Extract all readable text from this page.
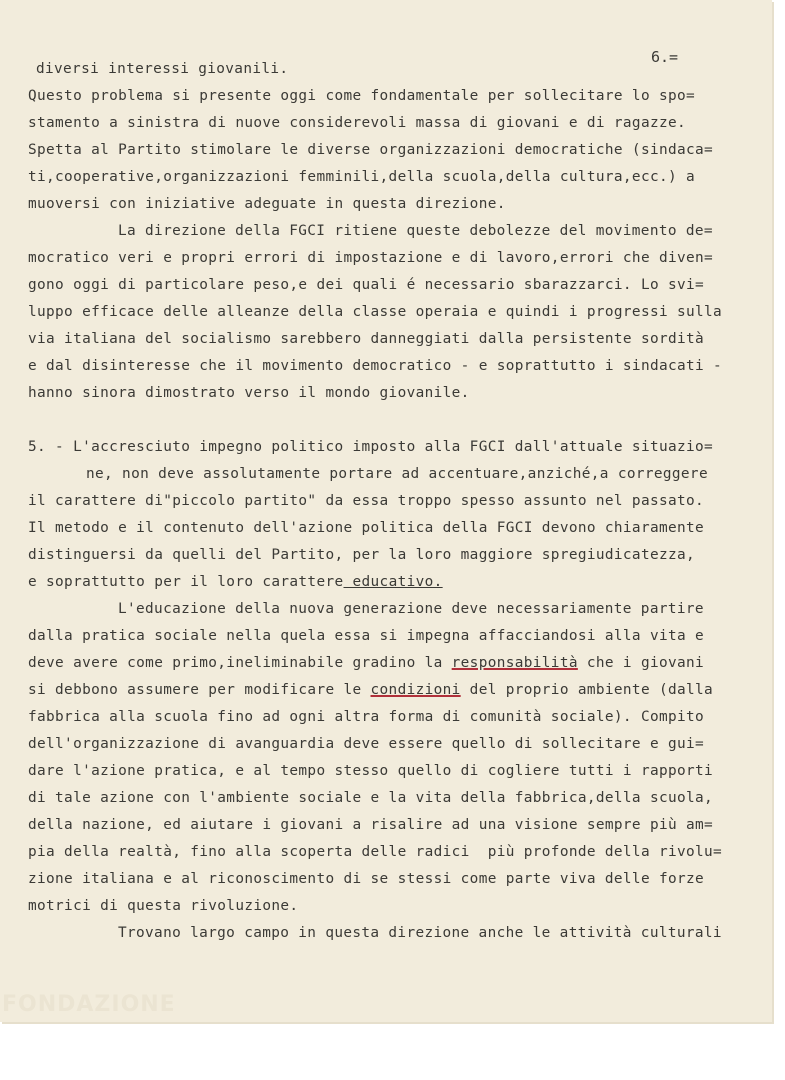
6.=
diversi interessi giovanili.
Questo problema si presente oggi come fondamentale per sollecitare lo spo=
stamento a sinistra di nuove considerevoli massa di giovani e di ragazze.
Spetta al Partito stimolare le diverse organizzazioni democratiche (sindaca=
ti,cooperative,organizzazioni femminili,della scuola,della cultura,ecc.) a
muoversi con iniziative adeguate in questa direzione.
La direzione della FGCI ritiene queste debolezze del movimento de=
mocratico veri e propri errori di impostazione e di lavoro,errori che diven=
gono oggi di particolare peso,e dei quali é necessario sbarazzarci. Lo svi=
luppo efficace delle alleanze della classe operaia e quindi i progressi sulla
via italiana del socialismo sarebbero danneggiati dalla persistente sordità
e dal disinteresse che il movimento democratico - e soprattutto i sindacati -
hanno sinora dimostrato verso il mondo giovanile.
5. - L'accresciuto impegno politico imposto alla FGCI dall'attuale situazio=
ne, non deve assolutamente portare ad accentuare,anziché,a correggere
il carattere di"piccolo partito" da essa troppo spesso assunto nel passato.
Il metodo e il contenuto dell'azione politica della FGCI devono chiaramente
distinguersi da quelli del Partito, per la loro maggiore spregiudicatezza,
e soprattutto per il loro carattere educativo.
L'educazione della nuova generazione deve necessariamente partire
dalla pratica sociale nella quela essa si impegna affacciandosi alla vita e
deve avere come primo,ineliminabile gradino la responsabilità che i giovani
si debbono assumere per modificare le condizioni del proprio ambiente (dalla
fabbrica alla scuola fino ad ogni altra forma di comunità sociale). Compito
dell'organizzazione di avanguardia deve essere quello di sollecitare e gui=
dare l'azione pratica, e al tempo stesso quello di cogliere tutti i rapporti
di tale azione con l'ambiente sociale e la vita della fabbrica,della scuola,
della nazione, ed aiutare i giovani a risalire ad una visione sempre più am=
pia della realtà, fino alla scoperta delle radici  più profonde della rivolu=
zione italiana e al riconoscimento di se stessi come parte viva delle forze
motrici di questa rivoluzione.
Trovano largo campo in questa direzione anche le attività culturali
FONDAZIONE
